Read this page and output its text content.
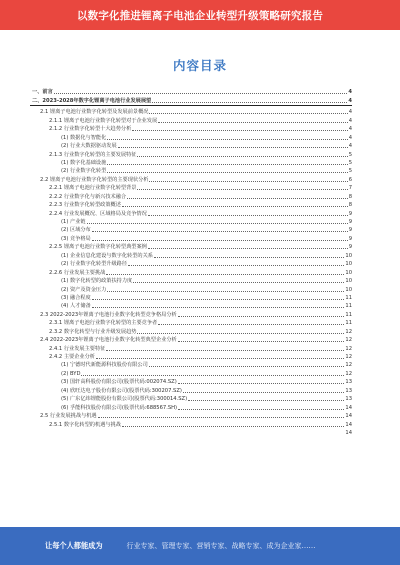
以数字化推进锂离子电池企业转型升级策略研究报告
内容目录
一、前言	4
二、2023-2028年数字化锂离子电池行业发展展望	4
2.1 锂离子电池行业数字化转型及发展前景概况	4
2.1.1 锂离子电池行业数字化转型对于企业发展	4
2.1.2 行业数字化转型十大趋势分析	4
(1) 数据化与智能化	4
(2) 行业大数据驱动发展	4
2.1.3 行业数字化转型的主要发展特征	5
(1) 数字化基础设施	5
(2) 行业数字化转型	5
2.2 锂离子电池行业数字化转型的主要现状分析	6
2.2.1 锂离子电池行业数字化转型背景	7
2.2.2 行业数字化与新兴技术融合	8
2.2.3 行业数字化转型政策概述	8
2.2.4 行业发展概况、区域格局及竞争情况	9
(1) 产业链	9
(2) 区域分布	9
(3) 竞争格局	9
2.2.5 锂离子电池行业数字化转型典型案例	9
(1) 企业信息化建设与数字化转型的关系	10
(2) 行业数字化转型升级路径	10
2.2.6 行业发展主要挑战	10
(1) 数字化转型的政策扶持力度	10
(2) 资产及资金压力	10
(3) 融合程度	11
(4) 人才储备	11
2.3 2022-2023年锂离子电池行业数字化转型竞争格局分析	11
2.3.1 锂离子电池行业数字化转型的主要竞争者	11
2.3.2 数字化转型与行业升级发展趋势	12
2.4 2022-2023年锂离子电池行业数字化转型典型企业分析	12
2.4.1 行业发展主要特征	12
2.4.2 主要企业分析	12
(1) 宁德时代新能源科技股份有限公司	12
(2) BYD	12
(3) 国轩高科股份有限公司(股票代码:002074.SZ)	13
(4) 欣旺达电子股份有限公司(股票代码:300207.SZ)	13
(5) 广东亿纬锂能股份有限公司(股票代码:300014.SZ)	13
(6) 孚能科技股份有限公司(股票代码:688567.SH)	14
2.5 行业发展挑战与机遇	14
2.5.1 数字化转型的机遇与挑战	14
14
让每个人都能成为	行业专家、管理专家、营销专家、战略专家、成为企业家……
